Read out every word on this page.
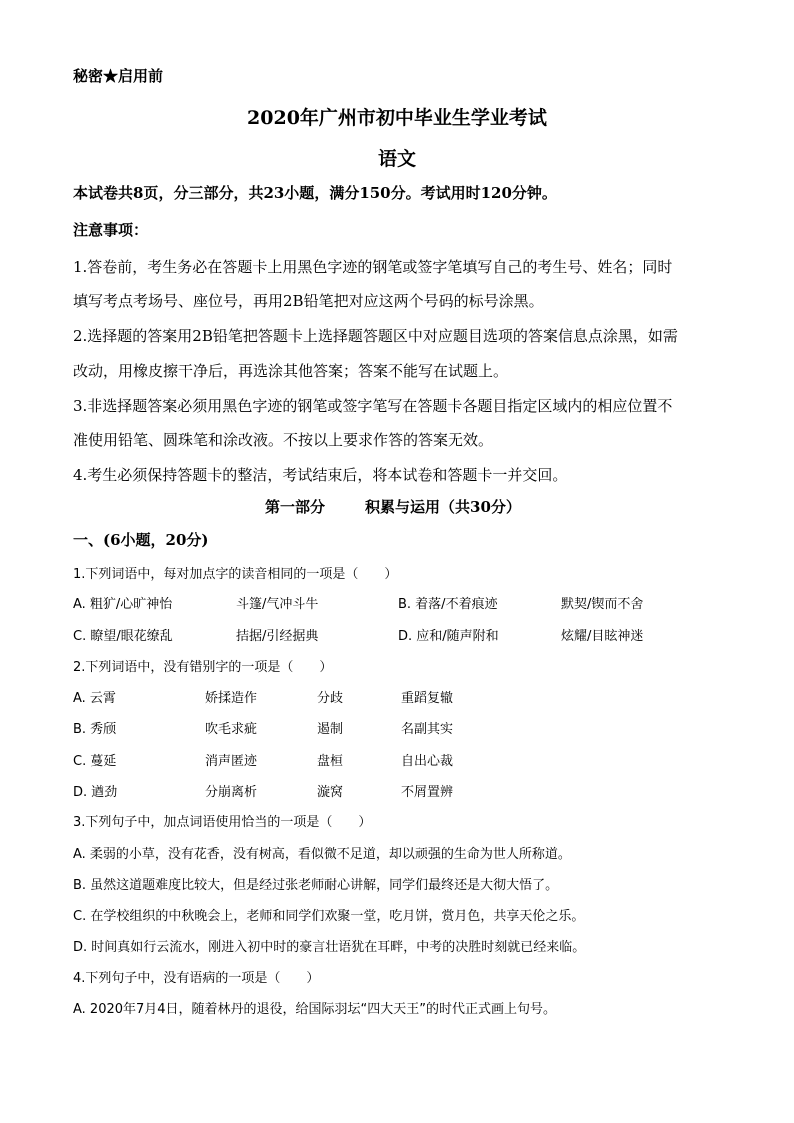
秘密★启用前
2020年广州市初中毕业生学业考试
语文
本试卷共8页，分三部分，共23小题，满分150分。考试用时120分钟。
注意事项：
1.答卷前，考生务必在答题卡上用黑色字迹的钢笔或签字笔填写自己的考生号、姓名；同时
填写考点考场号、座位号，再用2B铅笔把对应这两个号码的标号涂黑。
2.选择题的答案用2B铅笔把答题卡上选择题答题区中对应题目选项的答案信息点涂黑，如需
改动，用橡皮擦干净后，再选涂其他答案；答案不能写在试题上。
3.非选择题答案必须用黑色字迹的钢笔或签字笔写在答题卡各题目指定区域内的相应位置不
准使用铅笔、圆珠笔和涂改液。不按以上要求作答的答案无效。
4.考生必须保持答题卡的整洁，考试结束后，将本试卷和答题卡一并交回。
第一部分	积累与运用（共30分）
一、(6小题，20分)
1.下列词语中，每对加点字的读音相同的一项是（　　）
A. 粗犷/心旷神怡	斗篷/气冲斗牛	B. 着落/不着痕迹	默契/锲而不舍
C. 瞭望/眼花缭乱	拮据/引经据典	D. 应和/随声附和	炫耀/目眩神迷
2.下列词语中，没有错别字的一项是（　　）
A. 云霄	娇揉造作	分歧	重蹈复辙
B. 秀颀	吹毛求疵	遏制	名副其实
C. 蔓延	消声匿迹	盘桓	自出心裁
D. 遒劲	分崩离析	漩窝	不屑置辨
3.下列句子中，加点词语使用恰当的一项是（　　）
A. 柔弱的小草，没有花香，没有树高，看似微不足道，却以顽强的生命为世人所称道。
B. 虽然这道题难度比较大，但是经过张老师耐心讲解，同学们最终还是大彻大悟了。
C. 在学校组织的中秋晚会上，老师和同学们欢聚一堂，吃月饼，赏月色，共享天伦之乐。
D. 时间真如行云流水，刚进入初中时的豪言壮语犹在耳畔，中考的决胜时刻就已经来临。
4.下列句子中，没有语病的一项是（　　）
A. 2020年7月4日，随着林丹的退役，给国际羽坛“四大天王”的时代正式画上句号。
